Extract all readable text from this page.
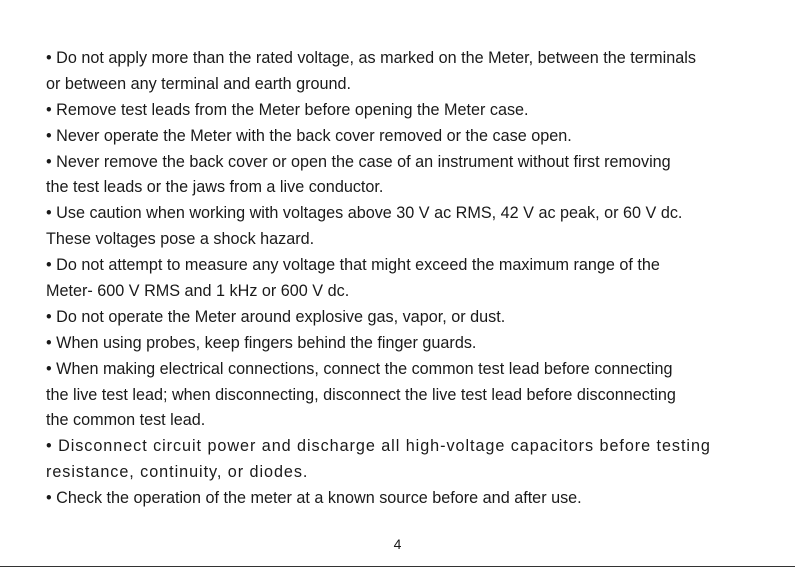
• Do not apply more than the rated voltage, as marked on the Meter, between the terminals
or between any terminal and earth ground.
• Remove test leads from the Meter before opening the Meter case.
• Never operate the Meter with the back cover removed or the case open.
• Never remove the back cover or open the case of an instrument without first removing
the test leads or the jaws from a live conductor.
• Use caution when working with voltages above 30 V ac RMS, 42 V ac peak, or 60 V dc.
These voltages pose a shock hazard.
• Do not attempt to measure any voltage that might exceed the maximum range of the
Meter- 600 V RMS and 1 kHz or 600 V dc.
• Do not operate the Meter around explosive gas, vapor, or dust.
• When using probes, keep fingers behind the finger guards.
• When making electrical connections, connect the common test lead before connecting
the live test lead; when disconnecting, disconnect the live test lead before disconnecting
the common test lead.
• Disconnect circuit power and discharge all high-voltage capacitors before testing
resistance, continuity, or diodes.
• Check the operation of the meter at a known source before and after use.
4
